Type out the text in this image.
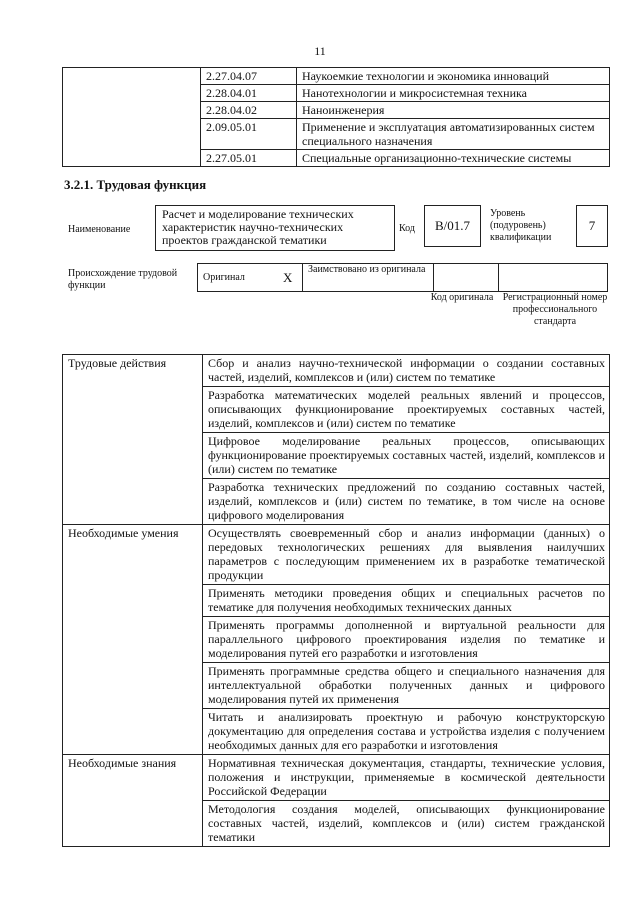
11
	2.27.04.07	Наукоемкие технологии и экономика инноваций
	2.28.04.01	Нанотехнологии и микросистемная техника
	2.28.04.02	Наноинженерия
	2.09.05.01	Применение и эксплуатация автоматизированных систем специального назначения
	2.27.05.01	Специальные организационно-технические системы
3.2.1. Трудовая функция
Наименование
Расчет и моделирование технических характеристик научно-технических проектов гражданской тематики
Код	B/01.7
Уровень (подуровень) квалификации
7
Происхождение трудовой функции
Оригинал	X	Заимствовано из оригинала		
Код оригинала Регистрационный номер профессионального стандарта
Трудовые действия	Сбор и анализ научно-технической информации о создании составных частей, изделий, комплексов и (или) систем по тематике
	Разработка математических моделей реальных явлений и процессов, описывающих функционирование проектируемых составных частей, изделий, комплексов и (или) систем по тематике
	Цифровое моделирование реальных процессов, описывающих функционирование проектируемых составных частей, изделий, комплексов и (или) систем по тематике
	Разработка технических предложений по созданию составных частей, изделий, комплексов и (или) систем по тематике, в том числе на основе цифрового моделирования
Необходимые умения	Осуществлять своевременный сбор и анализ информации (данных) о передовых технологических решениях для выявления наилучших параметров с последующим применением их в разработке тематической продукции
	Применять методики проведения общих и специальных расчетов по тематике для получения необходимых технических данных
	Применять программы дополненной и виртуальной реальности для параллельного цифрового проектирования изделия по тематике и моделирования путей его разработки и изготовления
	Применять программные средства общего и специального назначения для интеллектуальной обработки полученных данных и цифрового моделирования путей их применения
	Читать и анализировать проектную и рабочую конструкторскую документацию для определения состава и устройства изделия с получением необходимых данных для его разработки и изготовления
Необходимые знания	Нормативная техническая документация, стандарты, технические условия, положения и инструкции, применяемые в космической деятельности Российской Федерации
	Методология создания моделей, описывающих функционирование составных частей, изделий, комплексов и (или) систем гражданской тематики
